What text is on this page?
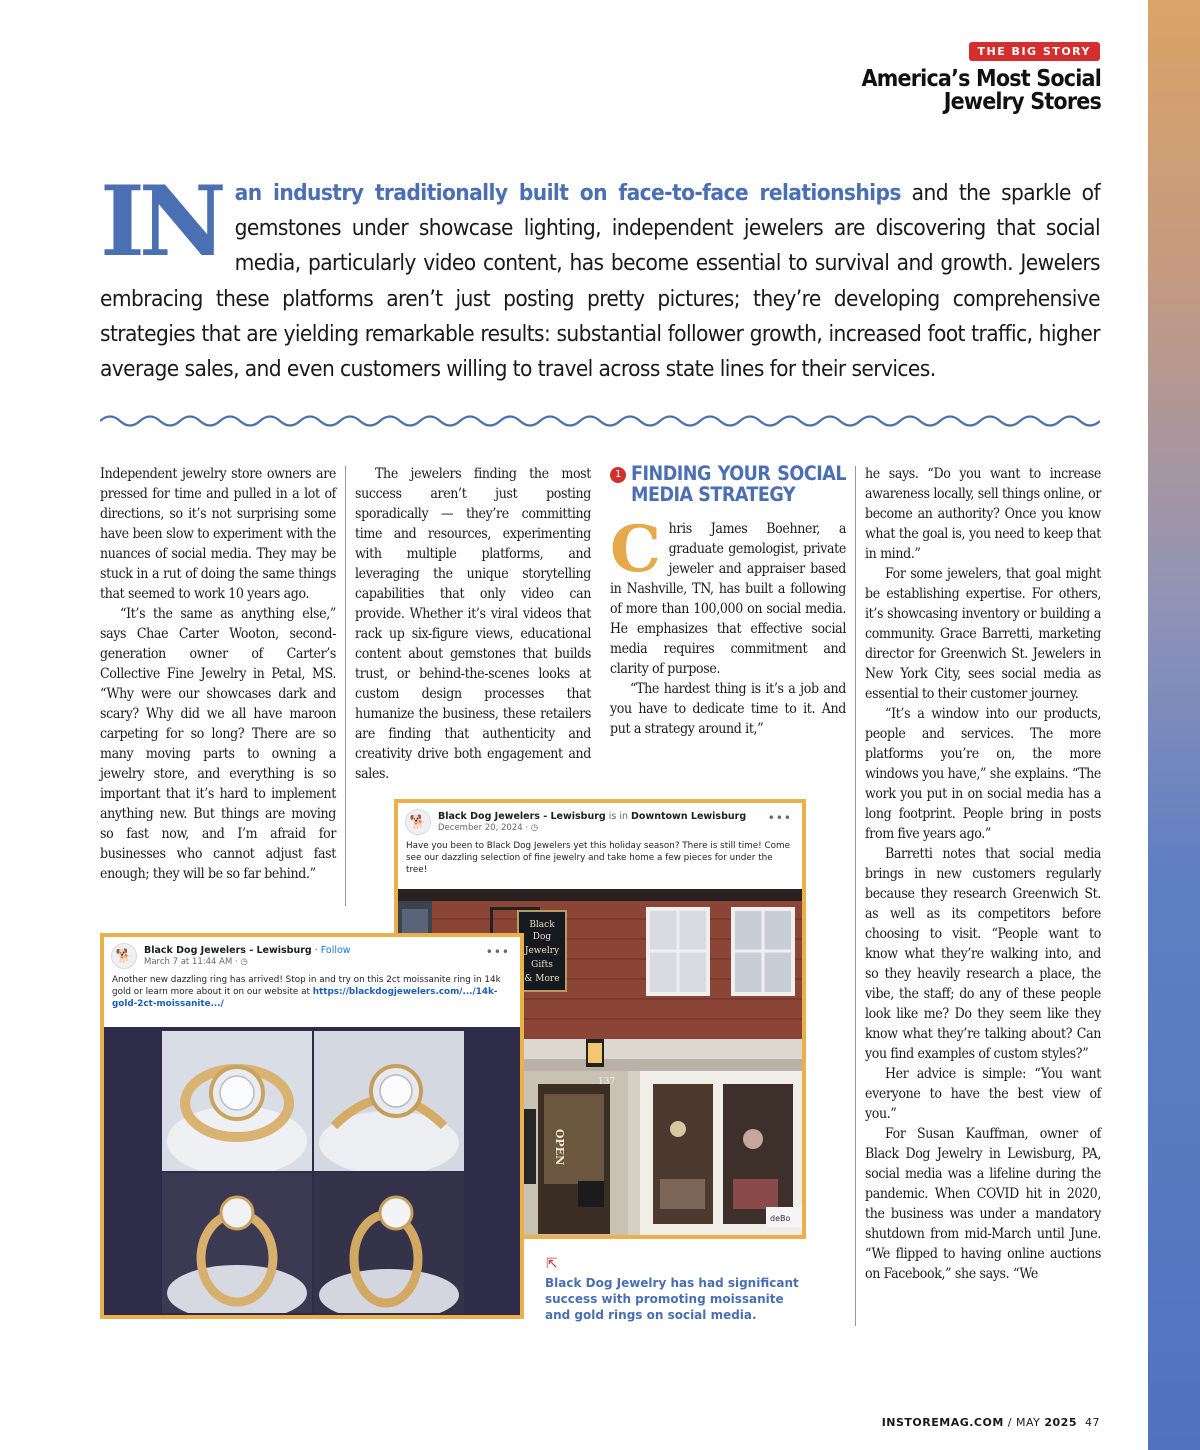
THE BIG STORY
America’s Most Social
Jewelry Stores
IN an industry traditionally built on face-to-face relationships and the sparkle of gemstones under showcase lighting, independent jewelers are discovering that social media, particularly video content, has become essential to survival and growth. Jewelers embracing these platforms aren’t just posting pretty pictures; they’re developing comprehensive strategies that are yielding remarkable results: substantial follower growth, increased foot traffic, higher average sales, and even customers willing to travel across state lines for their services.

Independent jewelry store owners are pressed for time and pulled in a lot of directions, so it’s not surprising some have been slow to experiment with the nuances of social media. They may be stuck in a rut of doing the same things that seemed to work 10 years ago.

“It’s the same as anything else,” says Chae Carter Wooton, second-generation owner of Carter’s Collective Fine Jewelry in Petal, MS. “Why were our showcases dark and scary? Why did we all have maroon carpeting for so long? There are so many moving parts to owning a jewelry store, and everything is so important that it’s hard to implement anything new. But things are moving so fast now, and I’m afraid for businesses who cannot adjust fast enough; they will be so far behind.”

The jewelers finding the most success aren’t just posting sporadically — they’re committing time and resources, experimenting with multiple platforms, and leveraging the unique storytelling capabilities that only video can provide. Whether it’s viral videos that rack up six-figure views, educational content about gemstones that builds trust, or behind-the-scenes looks at custom design processes that humanize the business, these retailers are finding that authenticity and creativity drive both engagement and sales.

1 FINDING YOUR SOCIAL MEDIA STRATEGY

Chris James Boehner, a graduate gemologist, private jeweler and appraiser based in Nashville, TN, has built a following of more than 100,000 on social media. He emphasizes that effective social media requires commitment and clarity of purpose.

“The hardest thing is it’s a job and you have to dedicate time to it. And put a strategy around it,”

he says. “Do you want to increase awareness locally, sell things online, or become an authority? Once you know what the goal is, you need to keep that in mind.”

For some jewelers, that goal might be establishing expertise. For others, it’s showcasing inventory or building a community. Grace Barretti, marketing director for Greenwich St. Jewelers in New York City, sees social media as essential to their customer journey.

“It’s a window into our products, people and services. The more platforms you’re on, the more windows you have,” she explains. “The work you put in on social media has a long footprint. People bring in posts from five years ago.”

Barretti notes that social media brings in new customers regularly because they research Greenwich St. as well as its competitors before choosing to visit. “People want to know what they’re walking into, and so they heavily research a place, the vibe, the staff; do any of these people look like me? Do they seem like they know what they’re talking about? Can you find examples of custom styles?”

Her advice is simple: “You want everyone to have the best view of you.”

For Susan Kauffman, owner of Black Dog Jewelry in Lewisburg, PA, social media was a lifeline during the pandemic. When COVID hit in 2020, the business was under a mandatory shutdown from mid-March until June. “We flipped to having online auctions on Facebook,” she says. “We

🐕	Black Dog Jewelers - Lewisburg is in Downtown Lewisburg
December 20, 2024 · ◷
•••
Have you been to Black Dog Jewelers yet this holiday season? There is still time! Come see our dazzling selection of fine jewelry and take home a few pieces for under the tree!
Black
Dog
Jewelry
Gifts
& More
OPEN
137
deBo
🐕	Black Dog Jewelers - Lewisburg · Follow
March 7 at 11:44 AM · ◷
•••
Another new dazzling ring has arrived! Stop in and try on this 2ct moissanite ring in 14k gold or learn more about it on our website at https://blackdogjewelers.com/.../14k-gold-2ct-moissanite.../
⇱
Black Dog Jewelry has had significant success with promoting moissanite and gold rings on social media.
INSTOREMAG.COM / MAY 2025 47
